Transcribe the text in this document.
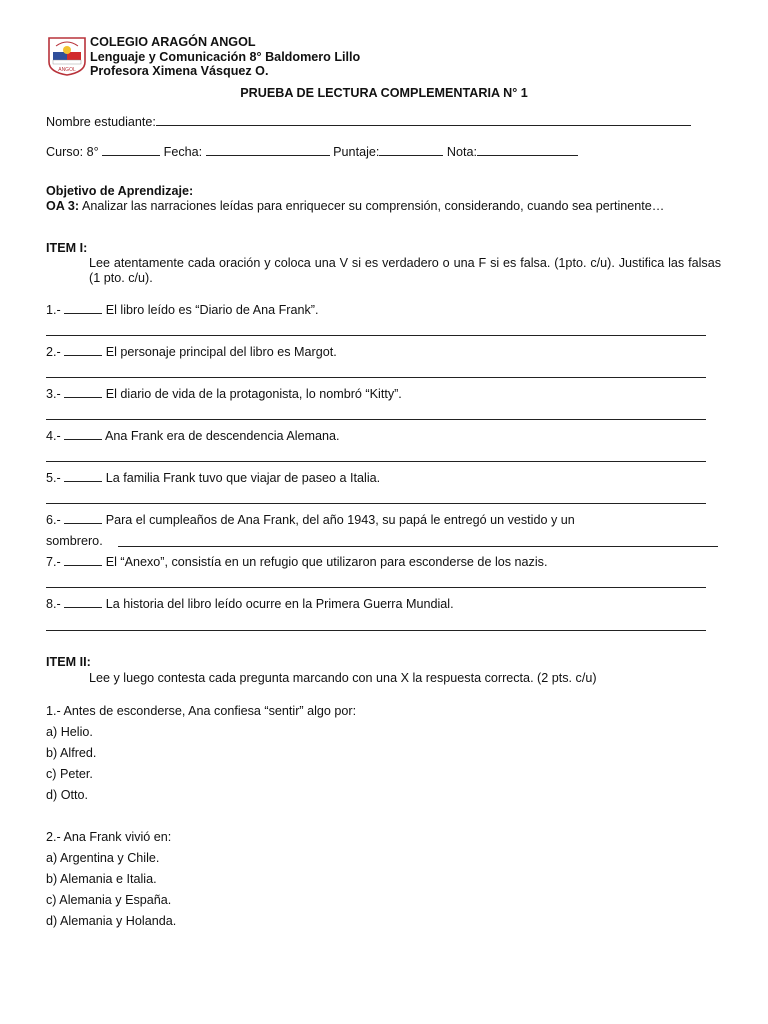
ANGOL
COLEGIO ARAGÓN ANGOL
Lenguaje y Comunicación 8° Baldomero Lillo
Profesora Ximena Vásquez O.
PRUEBA DE LECTURA COMPLEMENTARIA N° 1
Nombre estudiante:
Curso: 8°	Fecha:	Puntaje:	Nota:
Objetivo de Aprendizaje:
OA 3: Analizar las narraciones leídas para enriquecer su comprensión, considerando, cuando sea pertinente…
ITEM I:
Lee atentamente cada oración y coloca una V si es verdadero o una F si es falsa. (1pto. c/u). Justifica las falsas (1 pto. c/u).
1.-	El libro leído es “Diario de Ana Frank”.
2.-	El personaje principal del libro es Margot.
3.-	El diario de vida de la protagonista, lo nombró “Kitty”.
4.-	Ana Frank era de descendencia Alemana.
5.-	La familia Frank tuvo que viajar de paseo a Italia.
6.-	Para el cumpleaños de Ana Frank, del año 1943, su papá le entregó un vestido y un
sombrero.
7.-	El “Anexo”, consistía en un refugio que utilizaron para esconderse de los nazis.
8.-	La historia del libro leído ocurre en la Primera Guerra Mundial.
ITEM II:
Lee y luego contesta cada pregunta marcando con una X la respuesta correcta. (2 pts. c/u)
1.- Antes de esconderse, Ana confiesa “sentir” algo por:
a) Helio.
b) Alfred.
c) Peter.
d) Otto.
2.- Ana Frank vivió en:
a) Argentina y Chile.
b) Alemania e Italia.
c) Alemania y España.
d) Alemania y Holanda.
